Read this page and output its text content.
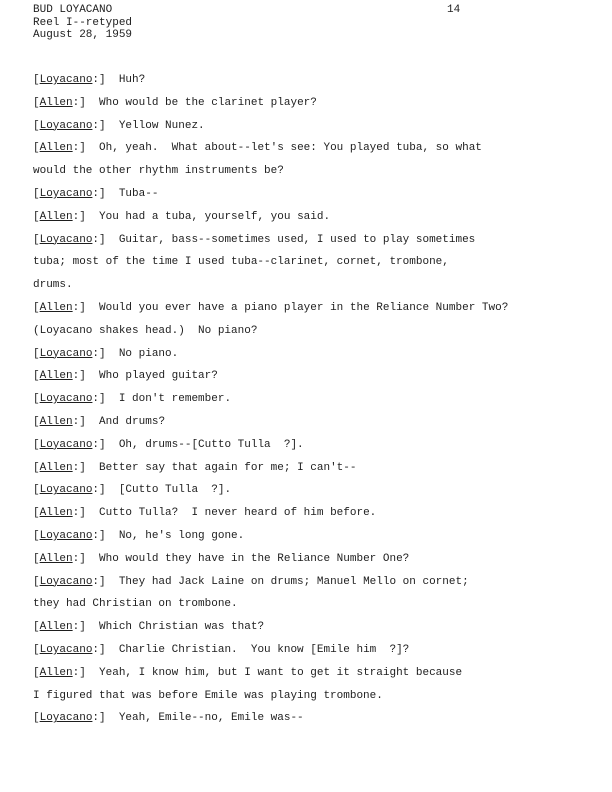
BUD LOYACANO
Reel I--retyped
August 28, 1959
14
[Loyacano:]  Huh?
[Allen:]  Who would be the clarinet player?
[Loyacano:]  Yellow Nunez.
[Allen:]  Oh, yeah.  What about--let's see: You played tuba, so what
would the other rhythm instruments be?
[Loyacano:]  Tuba--
[Allen:]  You had a tuba, yourself, you said.
[Loyacano:]  Guitar, bass--sometimes used, I used to play sometimes
tuba; most of the time I used tuba--clarinet, cornet, trombone,
drums.
[Allen:]  Would you ever have a piano player in the Reliance Number Two?
(Loyacano shakes head.)  No piano?
[Loyacano:]  No piano.
[Allen:]  Who played guitar?
[Loyacano:]  I don't remember.
[Allen:]  And drums?
[Loyacano:]  Oh, drums--[Cutto Tulla  ?].
[Allen:]  Better say that again for me; I can't--
[Loyacano:]  [Cutto Tulla  ?].
[Allen:]  Cutto Tulla?  I never heard of him before.
[Loyacano:]  No, he's long gone.
[Allen:]  Who would they have in the Reliance Number One?
[Loyacano:]  They had Jack Laine on drums; Manuel Mello on cornet;
they had Christian on trombone.
[Allen:]  Which Christian was that?
[Loyacano:]  Charlie Christian.  You know [Emile him  ?]?
[Allen:]  Yeah, I know him, but I want to get it straight because
I figured that was before Emile was playing trombone.
[Loyacano:]  Yeah, Emile--no, Emile was--
